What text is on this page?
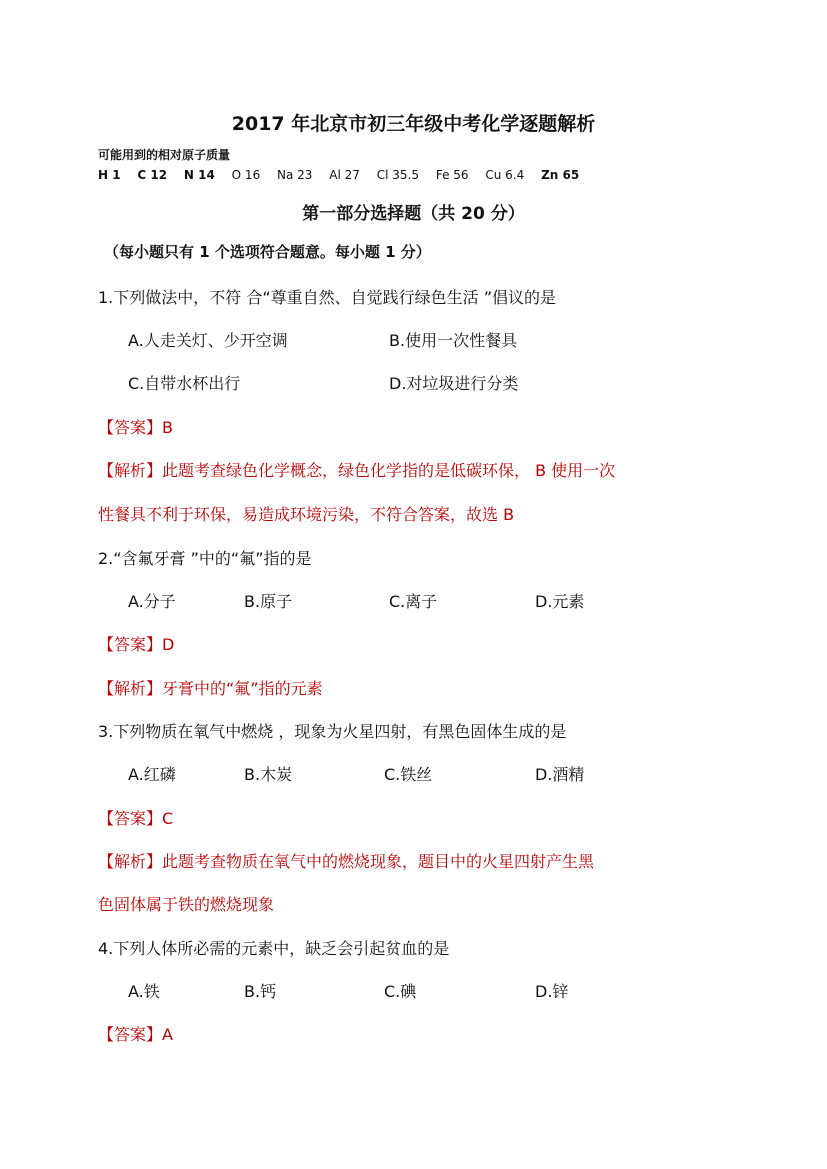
2017 年北京市初三年级中考化学逐题解析
可能用到的相对原子质量
H 1 C 12 N 14 O 16 Na 23 Al 27 Cl 35.5 Fe 56 Cu 6.4 Zn 65
第一部分选择题（共 20 分）
（每小题只有 1 个选项符合题意。每小题 1 分）
1.下列做法中，不符 合“尊重自然、自觉践行绿色生活 ”倡议的是
A.人走关灯、少开空调	B.使用一次性餐具
C.自带水杯出行	D.对垃圾进行分类
【答案】B
【解析】此题考查绿色化学概念，绿色化学指的是低碳环保， B 使用一次
性餐具不利于环保，易造成环境污染，不符合答案，故选 B
2.“含氟牙膏 ”中的“氟”指的是
A.分子	B.原子	C.离子	D.元素
【答案】D
【解析】牙膏中的“氟”指的元素
3.下列物质在氧气中燃烧 ，现象为火星四射，有黑色固体生成的是
A.红磷	B.木炭	C.铁丝	D.酒精
【答案】C
【解析】此题考查物质在氧气中的燃烧现象，题目中的火星四射产生黑
色固体属于铁的燃烧现象
4.下列人体所必需的元素中，缺乏会引起贫血的是
A.铁	B.钙	C.碘	D.锌
【答案】A
